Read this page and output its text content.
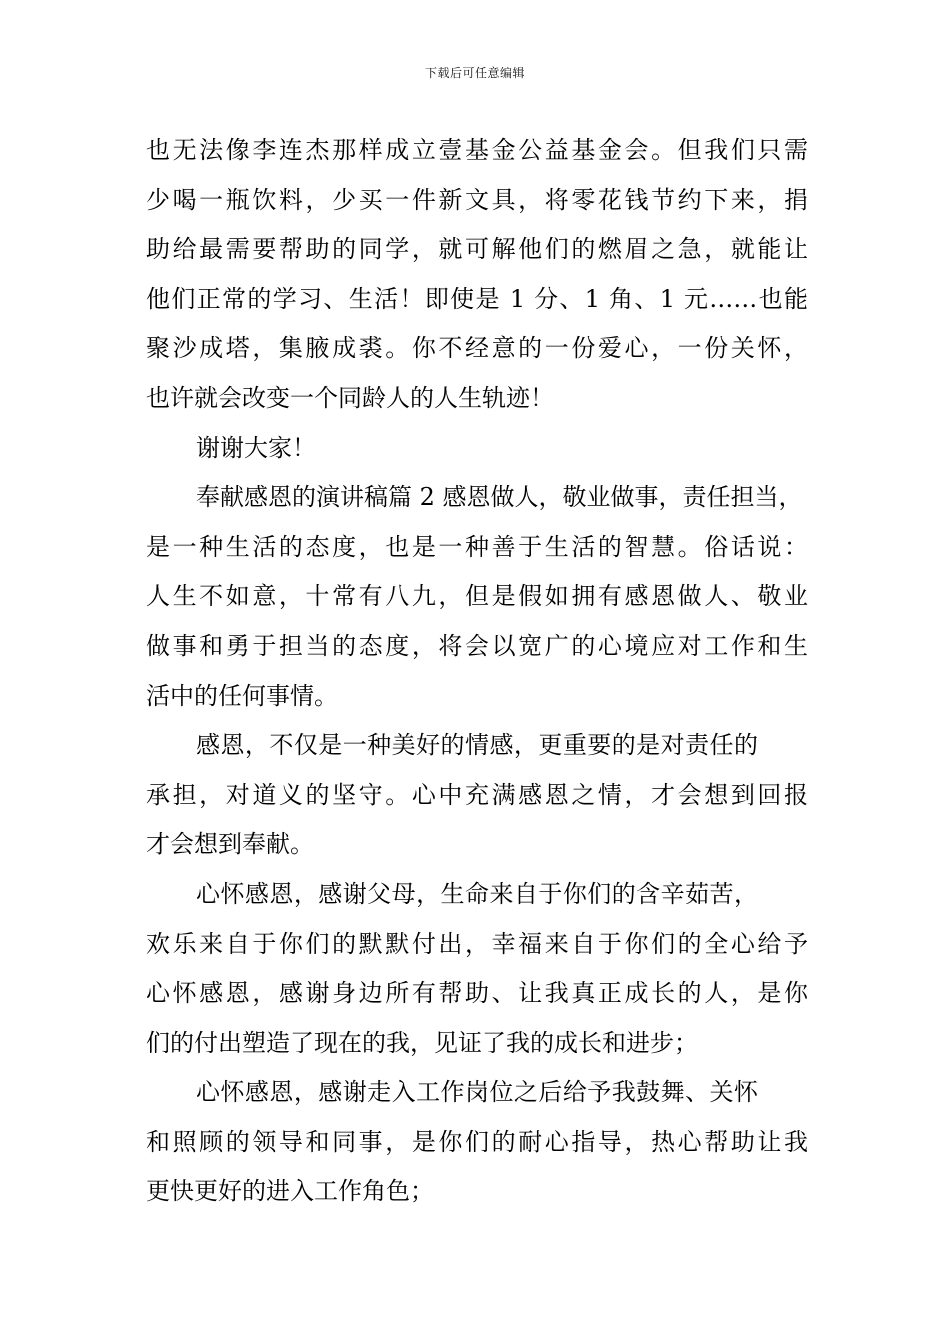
下载后可任意编辑
也无法像李连杰那样成立壹基金公益基金会。但我们只需
少喝一瓶饮料，少买一件新文具，将零花钱节约下来，捐
助给最需要帮助的同学，就可解他们的燃眉之急，就能让
他们正常的学习、生活！即使是 1 分、1 角、1 元……也能
聚沙成塔，集腋成裘。你不经意的一份爱心，一份关怀，
也许就会改变一个同龄人的人生轨迹！
谢谢大家！
奉献感恩的演讲稿篇 2 感恩做人，敬业做事，责任担当，
是一种生活的态度，也是一种善于生活的智慧。俗话说：
人生不如意，十常有八九，但是假如拥有感恩做人、敬业
做事和勇于担当的态度，将会以宽广的心境应对工作和生
活中的任何事情。
感恩，不仅是一种美好的情感，更重要的是对责任的
承担，对道义的坚守。心中充满感恩之情，才会想到回报
才会想到奉献。
心怀感恩，感谢父母，生命来自于你们的含辛茹苦，
欢乐来自于你们的默默付出，幸福来自于你们的全心给予
心怀感恩，感谢身边所有帮助、让我真正成长的人，是你
们的付出塑造了现在的我，见证了我的成长和进步；
心怀感恩，感谢走入工作岗位之后给予我鼓舞、关怀
和照顾的领导和同事，是你们的耐心指导，热心帮助让我
更快更好的进入工作角色；
